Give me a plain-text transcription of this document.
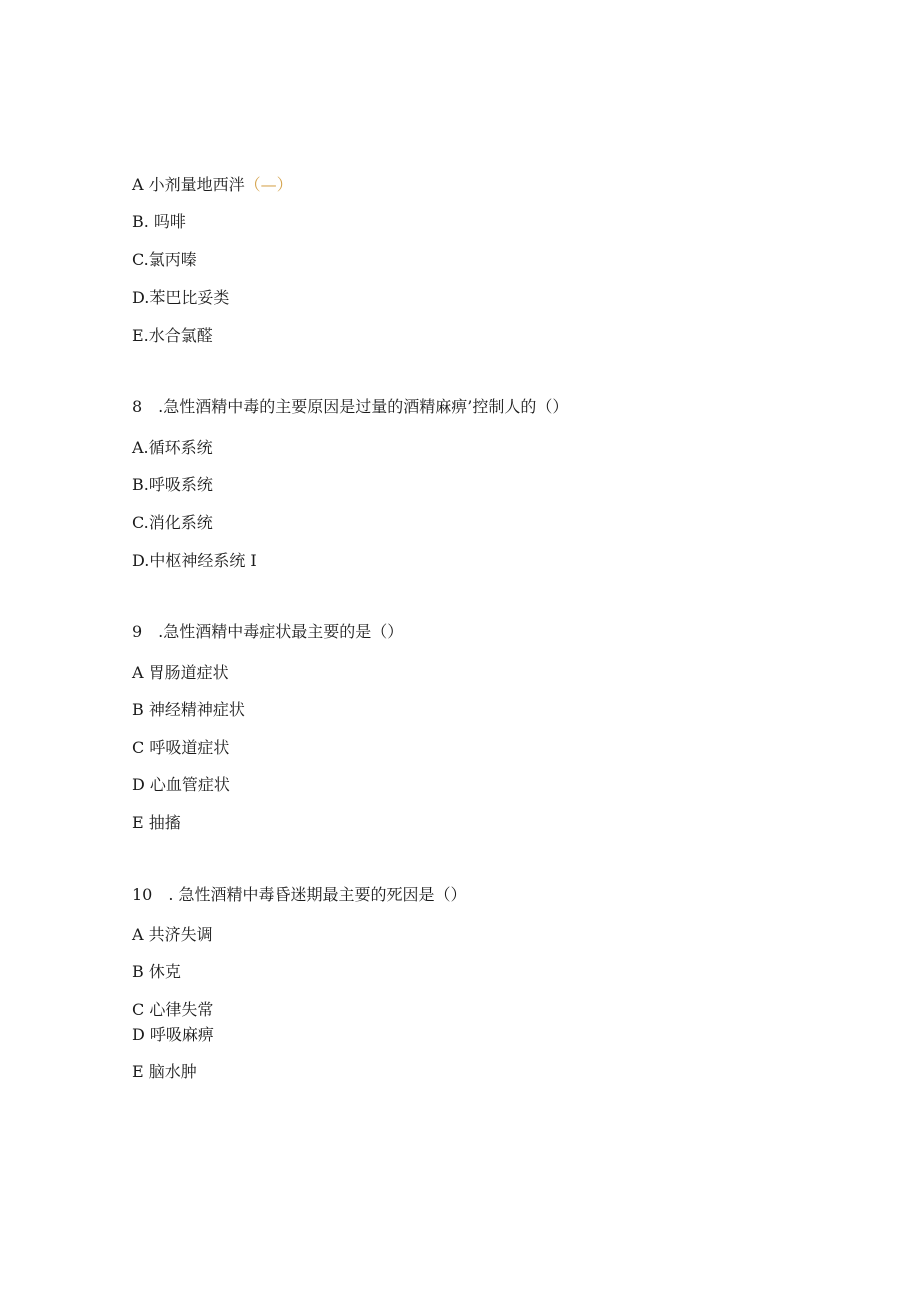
A 小剂量地西泮（—）
B. 吗啡
C.氯丙嗪
D.苯巴比妥类
E.水合氯醛
8　.急性酒精中毒的主要原因是过量的酒精麻痹’控制人的（）
A.循环系统
B.呼吸系统
C.消化系统
D.中枢神经系统 I
9　.急性酒精中毒症状最主要的是（）
A 胃肠道症状
B 神经精神症状
C 呼吸道症状
D 心血管症状
E 抽搐
10　. 急性酒精中毒昏迷期最主要的死因是（）
A 共济失调
B 休克
C 心律失常
D 呼吸麻痹
E 脑水肿
